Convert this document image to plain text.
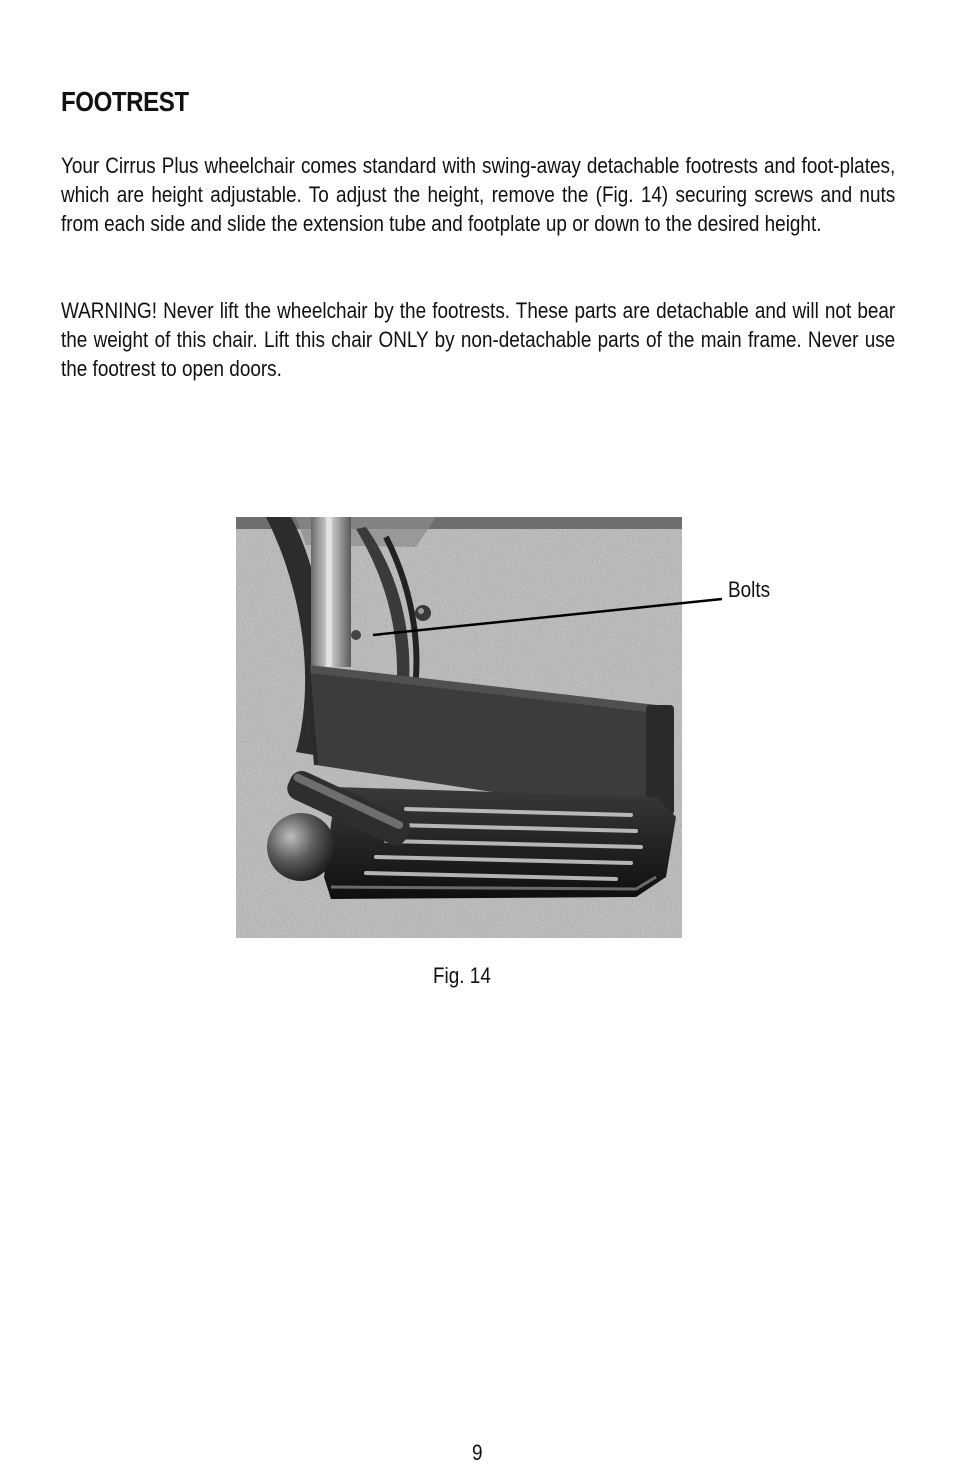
FOOTREST

Your Cirrus Plus wheelchair comes standard with swing-away detachable footrests and foot-plates, which are height adjustable. To adjust the height, remove the (Fig. 14) securing screws and nuts from each side and slide the extension tube and footplate up or down to the desired height.

WARNING! Never lift the wheelchair by the footrests. These parts are detachable and will not bear the weight of this chair. Lift this chair ONLY by non-detachable parts of the main frame. Never use the footrest to open doors.

Bolts
Fig. 14
9
